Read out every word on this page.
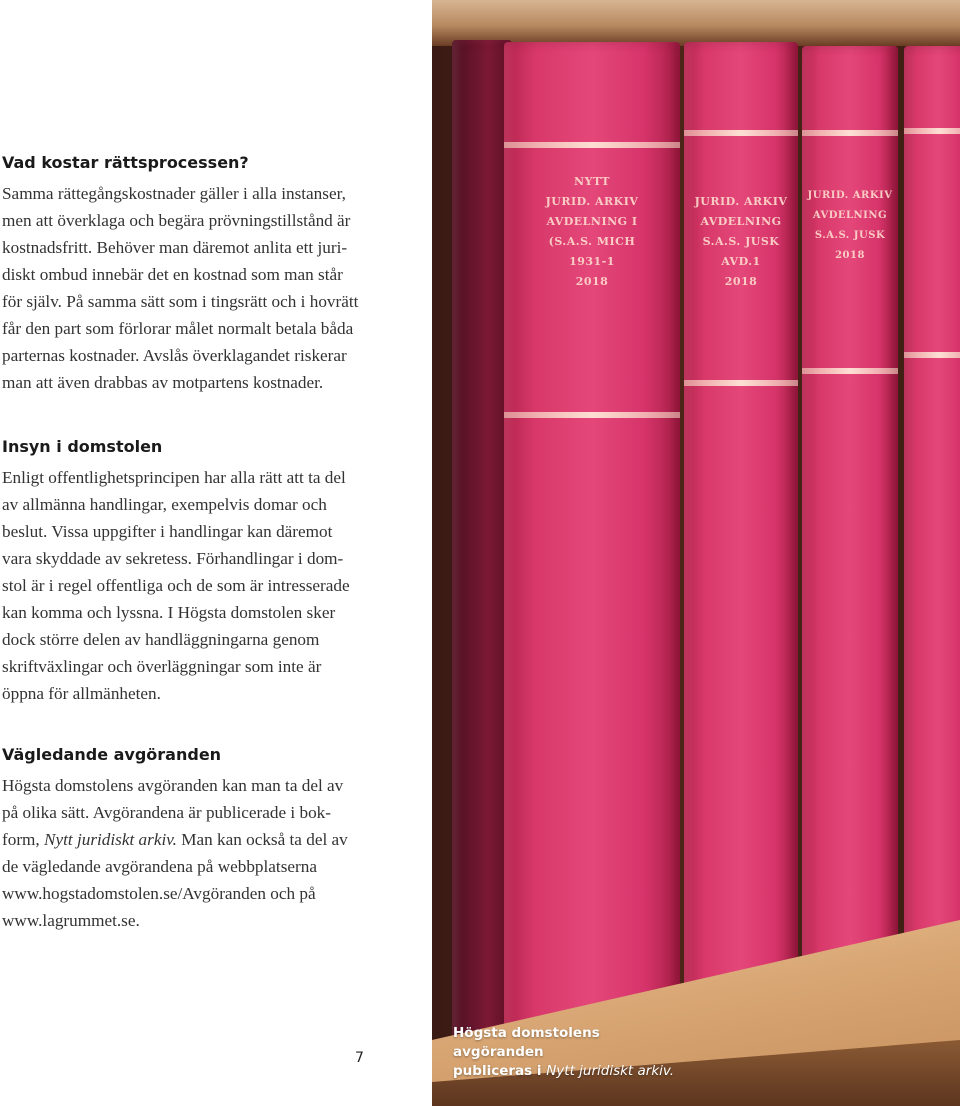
Vad kostar rättsprocessen?

Samma rättegångskostnader gäller i alla instanser,
men att överklaga och begära prövningstillstånd är
kostnadsfritt. Behöver man däremot anlita ett juri-
diskt ombud innebär det en kostnad som man står
för själv. På samma sätt som i tingsrätt och i hovrätt
får den part som förlorar målet normalt betala båda
parternas kostnader. Avslås överklagandet riskerar
man att även drabbas av motpartens kostnader.

Insyn i domstolen

Enligt offentlighetsprincipen har alla rätt att ta del
av allmänna handlingar, exempelvis domar och
beslut. Vissa uppgifter i handlingar kan däremot
vara skyddade av sekretess. Förhandlingar i dom-
stol är i regel offentliga och de som är intresserade
kan komma och lyssna. I Högsta domstolen sker
dock större delen av handläggningarna genom
skriftväxlingar och överläggningar som inte är
öppna för allmänheten.

Vägledande avgöranden

Högsta domstolens avgöranden kan man ta del av
på olika sätt. Avgörandena är publicerade i bok-
form, Nytt juridiskt arkiv. Man kan också ta del av
de vägledande avgörandena på webbplatserna
www.hogstadomstolen.se/Avgöranden och på
www.lagrummet.se.

7
NYTT
JURID. ARKIV
AVDELNING I
(S.A.S. MICH
1931-1
2018
JURID. ARKIV
AVDELNING
S.A.S. JUSK
AVD.1
2018
JURID. ARKIV
AVDELNING
S.A.S. JUSK
2018
Högsta domstolens avgöranden
publiceras i Nytt juridiskt arkiv.
